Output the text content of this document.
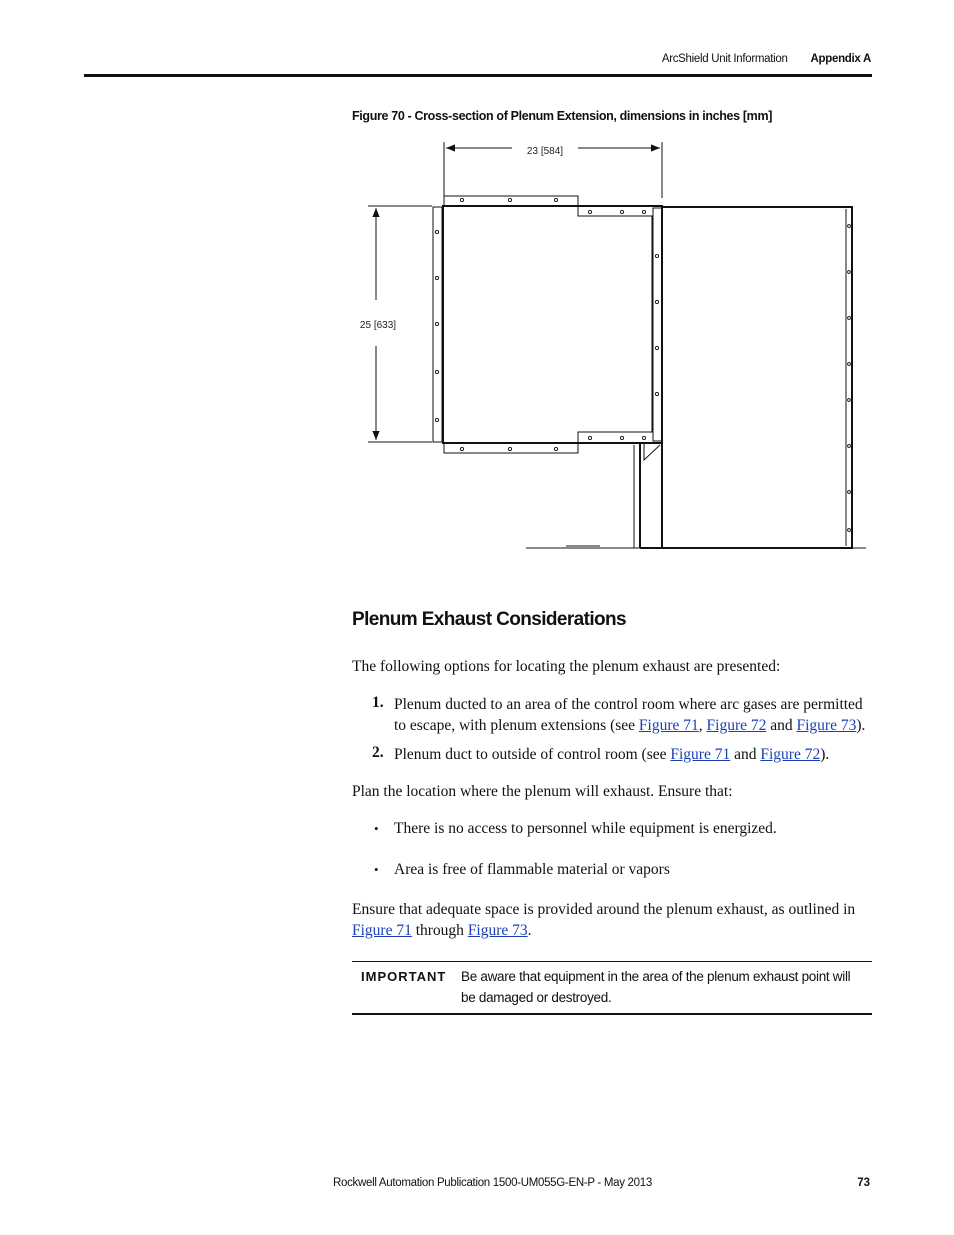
ArcShield Unit Information Appendix A
Figure 70 - Cross-section of Plenum Extension, dimensions in inches [mm]
23 [584]
25 [633]
Plenum Exhaust Considerations
The following options for locating the plenum exhaust are presented:
1. Plenum ducted to an area of the control room where arc gases are permitted to escape, with plenum extensions (see Figure 71, Figure 72 and Figure 73).
2. Plenum duct to outside of control room (see Figure 71 and Figure 72).
Plan the location where the plenum will exhaust. Ensure that:
• There is no access to personnel while equipment is energized.
• Area is free of flammable material or vapors
Ensure that adequate space is provided around the plenum exhaust, as outlined in Figure 71 through Figure 73.
IMPORTANT Be aware that equipment in the area of the plenum exhaust point will be damaged or destroyed.
Rockwell Automation Publication 1500-UM055G-EN-P - May 2013	73
